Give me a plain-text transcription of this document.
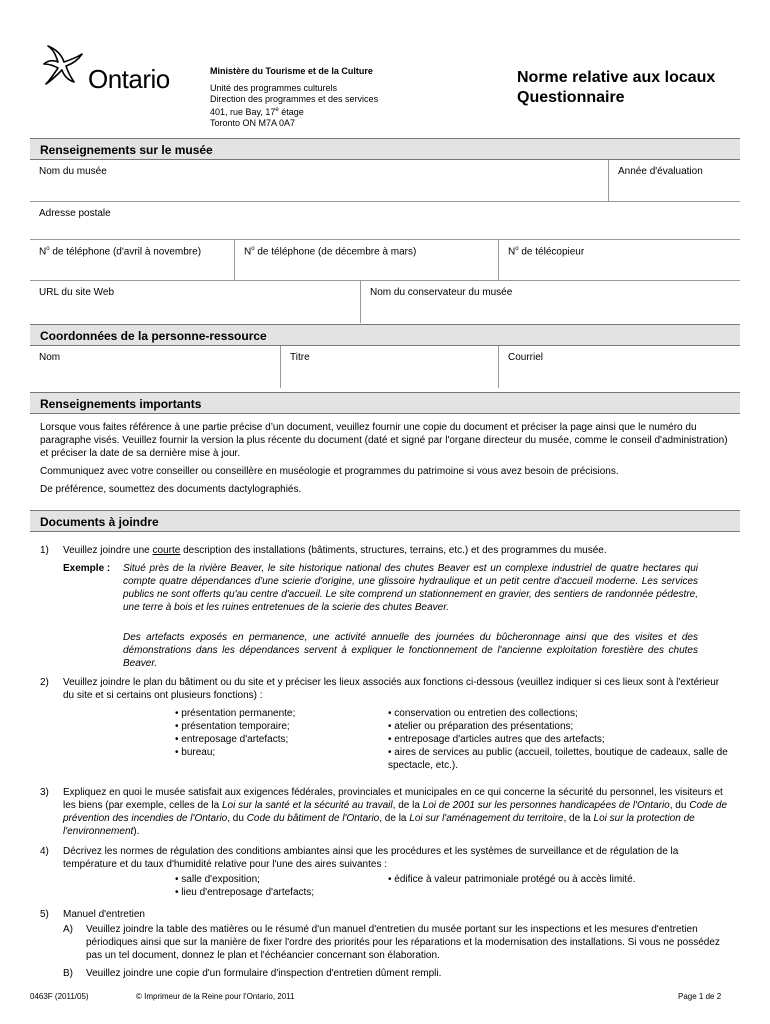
Ontario	Ministère du Tourisme et de la Culture
Unité des programmes culturels
Direction des programmes et des services
401, rue Bay, 17e étage
Toronto ON M7A 0A7
Norme relative aux locaux
Questionnaire
Renseignements sur le musée
Nom du musée	Année d'évaluation
Adresse postale
$N^o$ de téléphone (d'avril à novembre)	$N^o$ de téléphone (de décembre à mars)	$N^o$ de télécopieur
URL du site Web	Nom du conservateur du musée
Coordonnées de la personne-ressource
Nom	Titre	Courriel
Renseignements importants

Lorsque vous faites référence à une partie précise d’un document, veuillez fournir une copie du document et préciser la page ainsi que le numéro du paragraphe visés. Veuillez fournir la version la plus récente du document (daté et signé par l'organe directeur du musée, comme le conseil d'administration) et préciser la date de sa dernière mise à jour.

Communiquez avec votre conseiller ou conseillère en muséologie et programmes du patrimoine si vous avez besoin de précisions.

De préférence, soumettez des documents dactylographiés.

Documents à joindre
1) Veuillez joindre une courte description des installations (bâtiments, structures, terrains, etc.) et des programmes du musée.
Exemple : Situé près de la rivière Beaver, le site historique national des chutes Beaver est un complexe industriel de quatre hectares qui compte quatre dépendances d'une scierie d'origine, une glissoire hydraulique et un petit centre d'accueil moderne. Les services publics ne sont offerts qu'au centre d'accueil. Le site comprend un stationnement en gravier, des sentiers de randonnée pédestre, une terre à bois et les ruines entretenues de la scierie des chutes Beaver.
Des artefacts exposés en permanence, une activité annuelle des journées du bûcheronnage ainsi que des visites et des démonstrations dans les dépendances servent à expliquer le fonctionnement de l'ancienne exploitation forestière des chutes Beaver.
2) Veuillez joindre le plan du bâtiment ou du site et y préciser les lieux associés aux fonctions ci-dessous (veuillez indiquer si ces lieux sont à l'extérieur du site et si certains ont plusieurs fonctions) :
• présentation permanente;
• présentation temporaire;
• entreposage d'artefacts;
• bureau;
• conservation ou entretien des collections;
• atelier ou préparation des présentations;
• entreposage d'articles autres que des artefacts;
• aires de services au public (accueil, toilettes, boutique de cadeaux, salle de spectacle, etc.).
3) Expliquez en quoi le musée satisfait aux exigences fédérales, provinciales et municipales en ce qui concerne la sécurité du personnel, les visiteurs et les biens (par exemple, celles de la Loi sur la santé et la sécurité au travail, de la Loi de 2001 sur les personnes handicapées de l'Ontario, du Code de prévention des incendies de l'Ontario, du Code du bâtiment de l'Ontario, de la Loi sur l'aménagement du territoire, de la Loi sur la protection de l'environnement).
4) Décrivez les normes de régulation des conditions ambiantes ainsi que les procédures et les systèmes de surveillance et de régulation de la température et du taux d'humidité relative pour l'une des aires suivantes :
• salle d'exposition;
• lieu d'entreposage d'artefacts;
• édifice à valeur patrimoniale protégé ou à accès limité.
5) Manuel d'entretien
A) Veuillez joindre la table des matières ou le résumé d'un manuel d'entretien du musée portant sur les inspections et les mesures d'entretien périodiques ainsi que sur la manière de fixer l'ordre des priorités pour les réparations et la modernisation des installations. Si vous ne possédez pas un tel document, donnez le plan et l'échéancier concernant son élaboration.
B) Veuillez joindre une copie d'un formulaire d'inspection d'entretien dûment rempli.
0463F (2011/05)	© Imprimeur de la Reine pour l'Ontario, 2011	Page 1 de 2
